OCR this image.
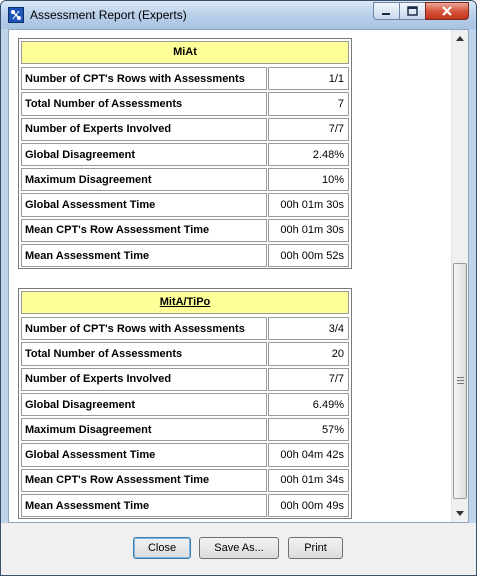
Assessment Report (Experts)
MiAt
Number of CPT's Rows with Assessments	1/1
Total Number of Assessments	7
Number of Experts Involved	7/7
Global Disagreement	2.48%
Maximum Disagreement	10%
Global Assessment Time	00h 01m 30s
Mean CPT's Row Assessment Time	00h 01m 30s
Mean Assessment Time	00h 00m 52s
MitA/TiPo
Number of CPT's Rows with Assessments	3/4
Total Number of Assessments	20
Number of Experts Involved	7/7
Global Disagreement	6.49%
Maximum Disagreement	57%
Global Assessment Time	00h 04m 42s
Mean CPT's Row Assessment Time	00h 01m 34s
Mean Assessment Time	00h 00m 49s
Close	Save As...	Print
